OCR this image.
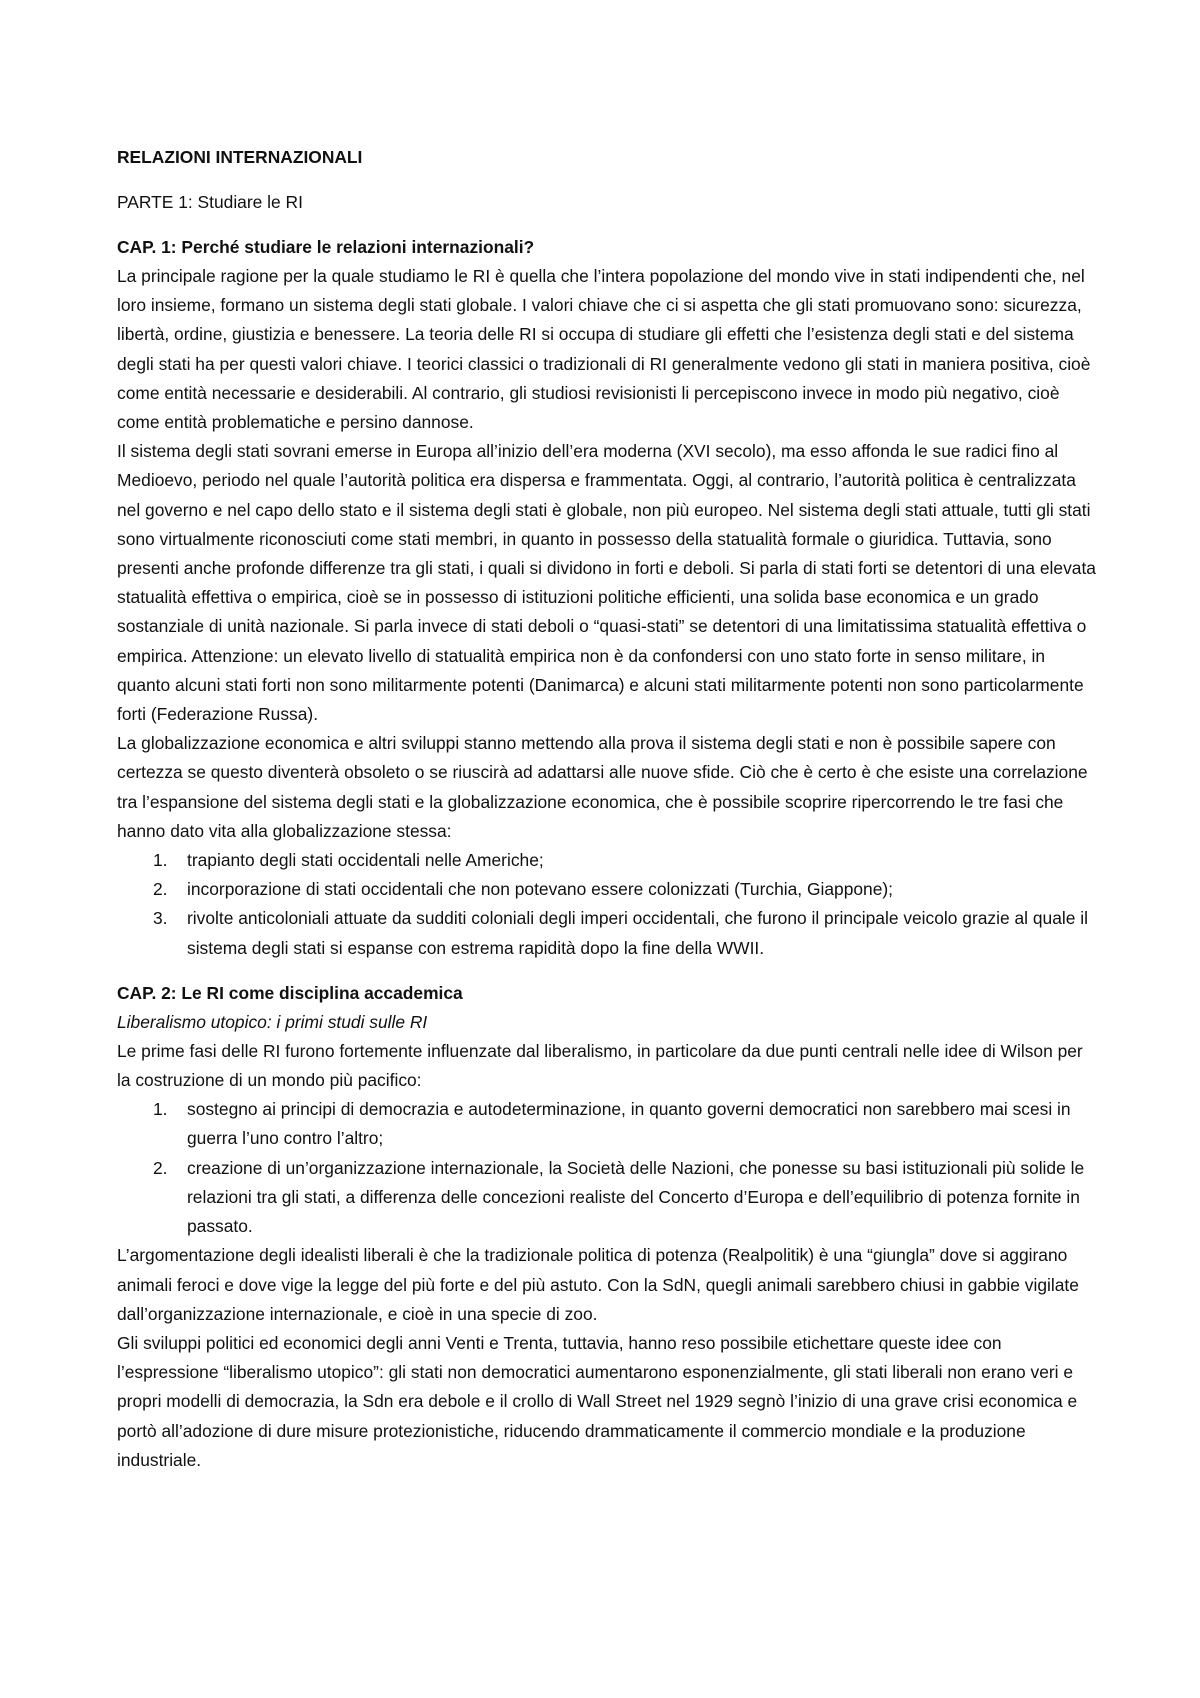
RELAZIONI INTERNAZIONALI

PARTE 1: Studiare le RI

CAP. 1: Perché studiare le relazioni internazionali?

La principale ragione per la quale studiamo le RI è quella che l’intera popolazione del mondo vive in stati indipendenti che, nel loro insieme, formano un sistema degli stati globale. I valori chiave che ci si aspetta che gli stati promuovano sono: sicurezza, libertà, ordine, giustizia e benessere. La teoria delle RI si occupa di studiare gli effetti che l’esistenza degli stati e del sistema degli stati ha per questi valori chiave. I teorici classici o tradizionali di RI generalmente vedono gli stati in maniera positiva, cioè come entità necessarie e desiderabili. Al contrario, gli studiosi revisionisti li percepiscono invece in modo più negativo, cioè come entità problematiche e persino dannose.

Il sistema degli stati sovrani emerse in Europa all’inizio dell’era moderna (XVI secolo), ma esso affonda le sue radici fino al Medioevo, periodo nel quale l’autorità politica era dispersa e frammentata. Oggi, al contrario, l’autorità politica è centralizzata nel governo e nel capo dello stato e il sistema degli stati è globale, non più europeo. Nel sistema degli stati attuale, tutti gli stati sono virtualmente riconosciuti come stati membri, in quanto in possesso della statualità formale o giuridica. Tuttavia, sono presenti anche profonde differenze tra gli stati, i quali si dividono in forti e deboli. Si parla di stati forti se detentori di una elevata statualità effettiva o empirica, cioè se in possesso di istituzioni politiche efficienti, una solida base economica e un grado sostanziale di unità nazionale. Si parla invece di stati deboli o “quasi-stati” se detentori di una limitatissima statualità effettiva o empirica. Attenzione: un elevato livello di statualità empirica non è da confondersi con uno stato forte in senso militare, in quanto alcuni stati forti non sono militarmente potenti (Danimarca) e alcuni stati militarmente potenti non sono particolarmente forti (Federazione Russa).

La globalizzazione economica e altri sviluppi stanno mettendo alla prova il sistema degli stati e non è possibile sapere con certezza se questo diventerà obsoleto o se riuscirà ad adattarsi alle nuove sfide. Ciò che è certo è che esiste una correlazione tra l’espansione del sistema degli stati e la globalizzazione economica, che è possibile scoprire ripercorrendo le tre fasi che hanno dato vita alla globalizzazione stessa:

1. trapianto degli stati occidentali nelle Americhe;
2. incorporazione di stati occidentali che non potevano essere colonizzati (Turchia, Giappone);
3. rivolte anticoloniali attuate da sudditi coloniali degli imperi occidentali, che furono il principale veicolo grazie al quale il sistema degli stati si espanse con estrema rapidità dopo la fine della WWII.

CAP. 2: Le RI come disciplina accademica

Liberalismo utopico: i primi studi sulle RI

Le prime fasi delle RI furono fortemente influenzate dal liberalismo, in particolare da due punti centrali nelle idee di Wilson per la costruzione di un mondo più pacifico:

1. sostegno ai principi di democrazia e autodeterminazione, in quanto governi democratici non sarebbero mai scesi in guerra l’uno contro l’altro;
2. creazione di un’organizzazione internazionale, la Società delle Nazioni, che ponesse su basi istituzionali più solide le relazioni tra gli stati, a differenza delle concezioni realiste del Concerto d’Europa e dell’equilibrio di potenza fornite in passato.

L’argomentazione degli idealisti liberali è che la tradizionale politica di potenza (Realpolitik) è una “giungla” dove si aggirano animali feroci e dove vige la legge del più forte e del più astuto. Con la SdN, quegli animali sarebbero chiusi in gabbie vigilate dall’organizzazione internazionale, e cioè in una specie di zoo.

Gli sviluppi politici ed economici degli anni Venti e Trenta, tuttavia, hanno reso possibile etichettare queste idee con l’espressione “liberalismo utopico”: gli stati non democratici aumentarono esponenzialmente, gli stati liberali non erano veri e propri modelli di democrazia, la Sdn era debole e il crollo di Wall Street nel 1929 segnò l’inizio di una grave crisi economica e portò all’adozione di dure misure protezionistiche, riducendo drammaticamente il commercio mondiale e la produzione industriale.
